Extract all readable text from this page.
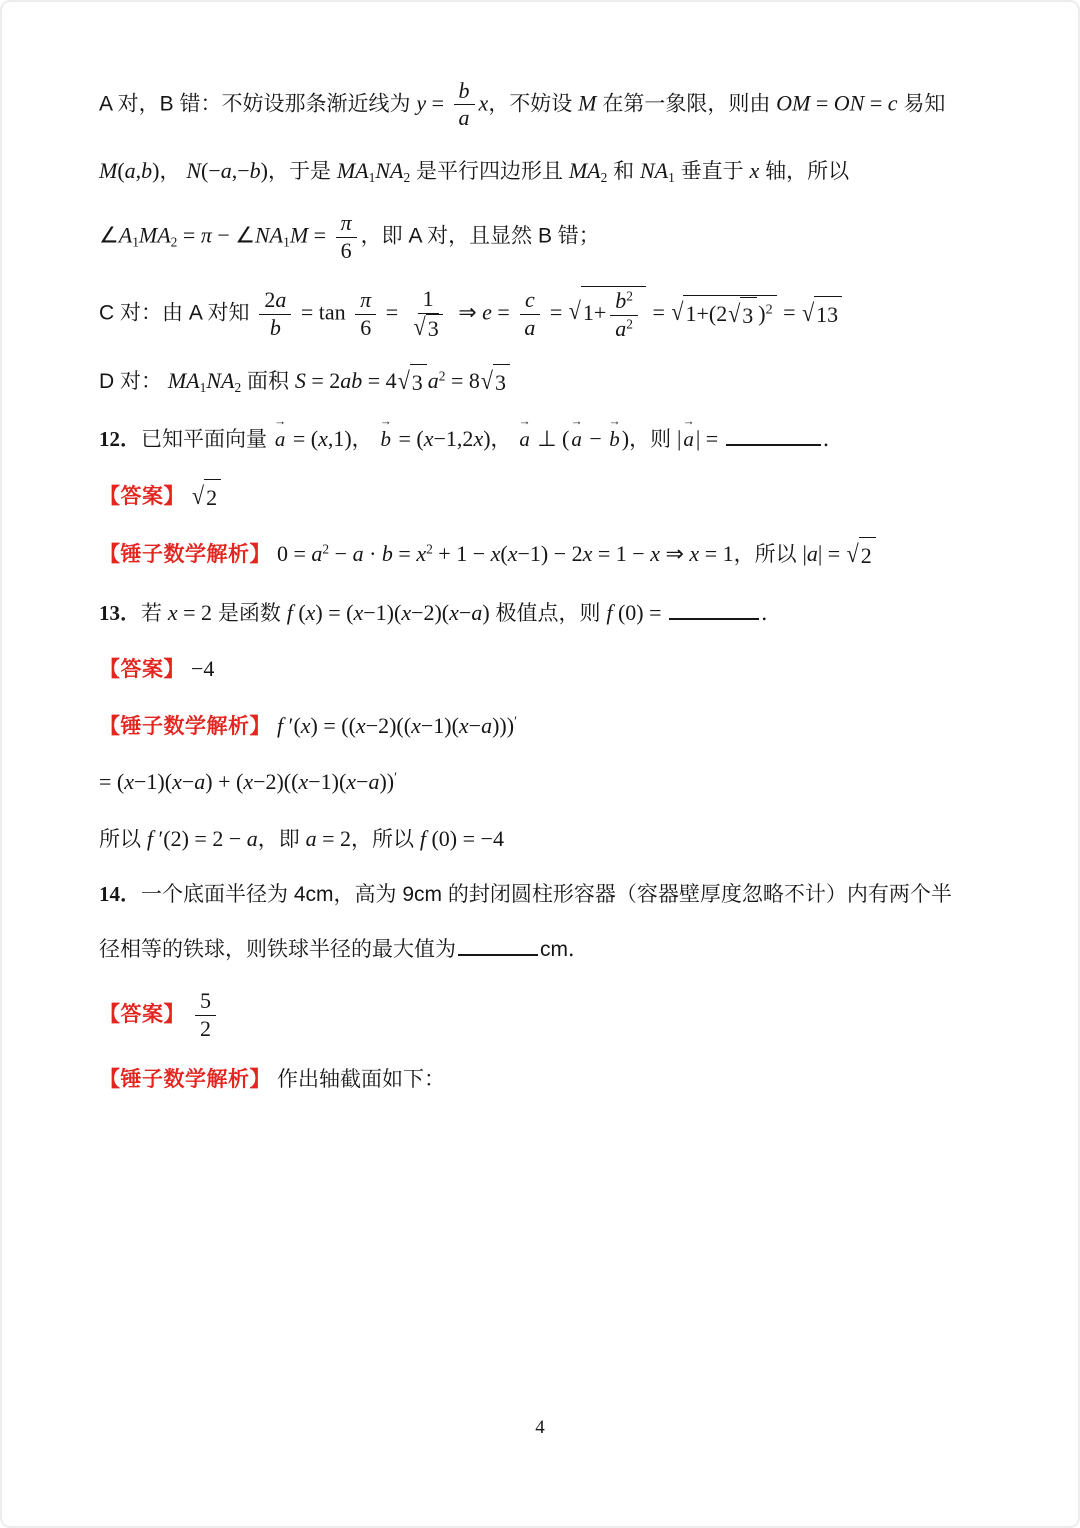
A 对，B 错：不妨设那条渐近线为 $y = \frac{b}{a}$ x，不妨设 M 在第一象限，则由 OM = ON = c 易知
M(a,b)， N(−a,−b)，于是 $MA_1NA_2$ 是平行四边形且 $MA_2$ 和 $NA_1$ 垂直于 x 轴，所以
$\angle A_1MA_2 = \pi$ − $\angle NA_1M = \frac{\pi}{6}$ ，即 A 对，且显然 B 错；
C 对：由 A 对知 $\frac{2a}{b} = \tan \frac{\pi}{6} = \frac{1}{√3}$ ⇒ $e = \frac{c}{a} = √1+ \frac{b^2}{a^2} = √1+(2√3$ )$^2$ = √13
D 对： $MA_1NA_2$ 面积 S = 2ab = 4√3 $a^2 = 8√3$
12．已知平面向量
→
a = (x,1)，
→
b = (x−1,2x)，
→
a ⊥ (
→
a −
→
b)，则 |
→
a| =	．
【答案】 √2
【锤子数学解析】 $0 = a^2 - a \cdot b = x^2 + 1 - x(x-1) - 2x = 1 - x$ ⇒ x = 1，所以 |a| = √2
13．若 x = 2 是函数 f (x) = (x−1)(x−2)(x−a) 极值点，则 f (0) =	．
【答案】 −4
【锤子数学解析】 f ′(x) = ((x−2)((x−1)(x−a)))′
= (x−1)(x−a) + (x−2)((x−1)(x−a))′
所以 f ′(2) = 2 − a，即 a = 2，所以 f (0) = −4
14．一个底面半径为 4cm，高为 9cm 的封闭圆柱形容器（容器壁厚度忽略不计）内有两个半
径相等的铁球，则铁球半径的最大值为	cm．
【答案】 $\frac{5}{2}$
【锤子数学解析】 作出轴截面如下：
4
